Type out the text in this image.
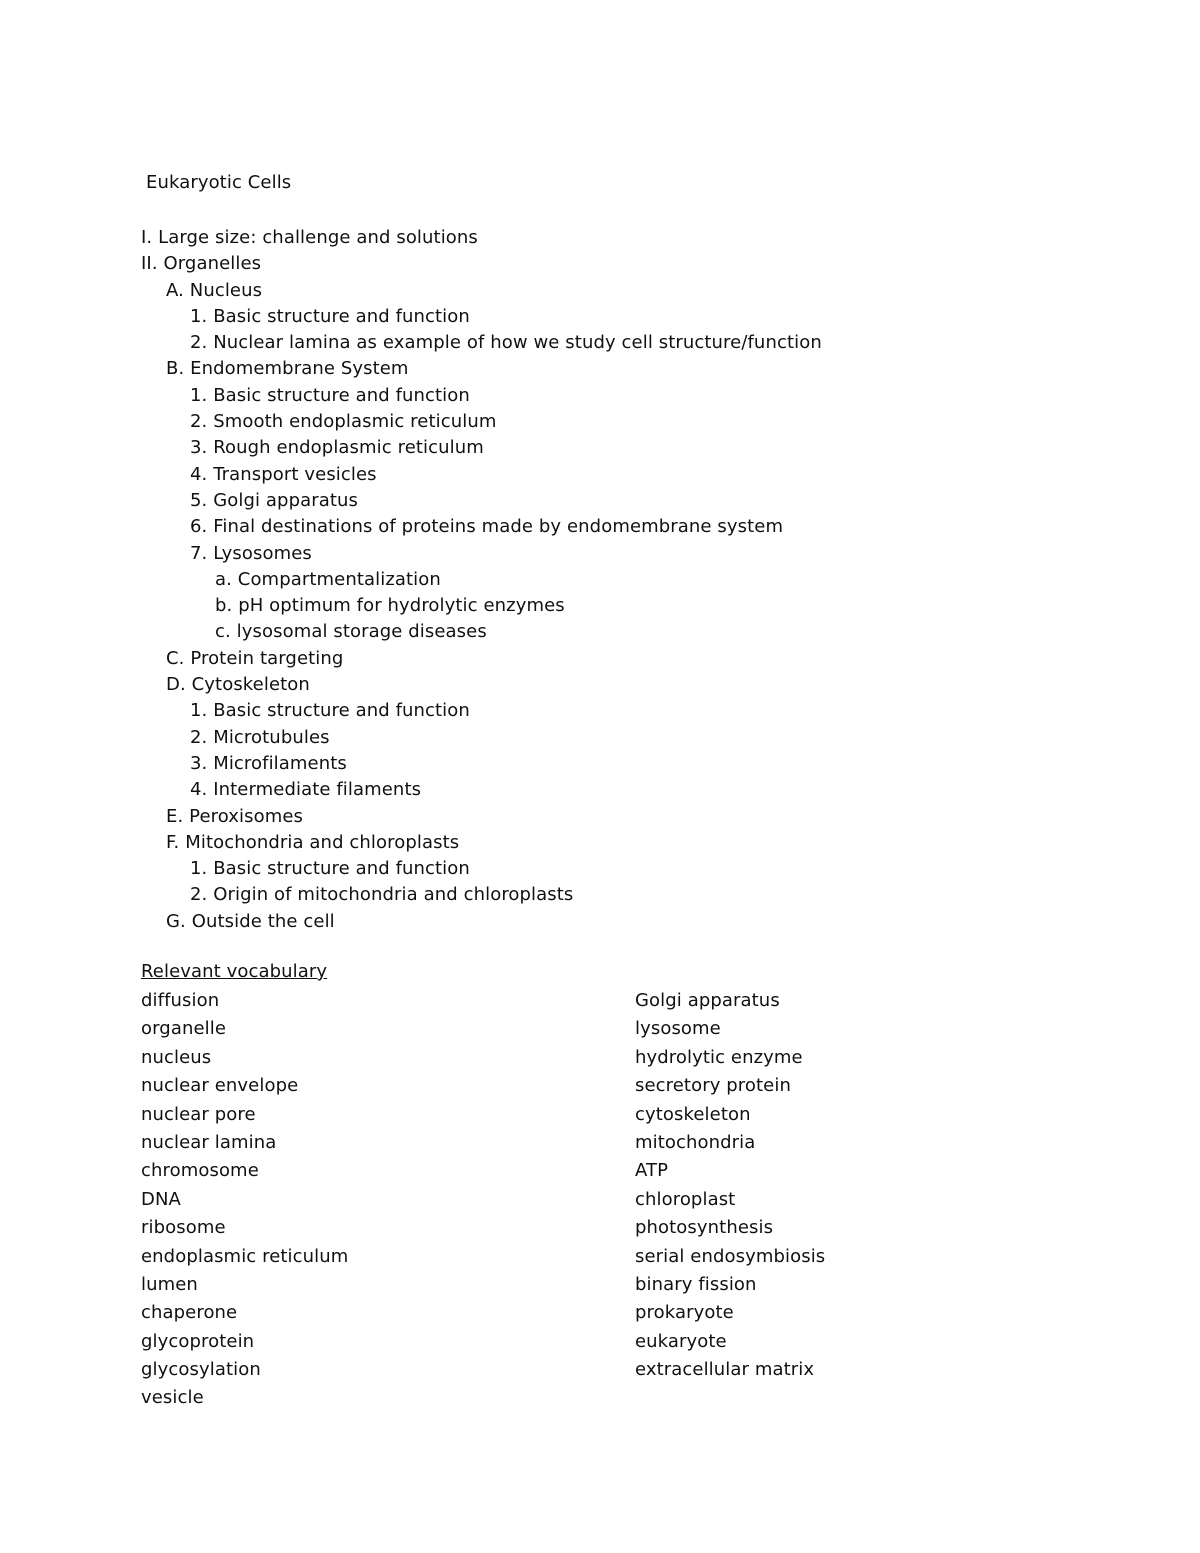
Eukaryotic Cells
I. Large size: challenge and solutions
II. Organelles
A. Nucleus
1. Basic structure and function
2. Nuclear lamina as example of how we study cell structure/function
B. Endomembrane System
1. Basic structure and function
2. Smooth endoplasmic reticulum
3. Rough endoplasmic reticulum
4. Transport vesicles
5. Golgi apparatus
6. Final destinations of proteins made by endomembrane system
7. Lysosomes
a. Compartmentalization
b. pH optimum for hydrolytic enzymes
c. lysosomal storage diseases
C. Protein targeting
D. Cytoskeleton
1. Basic structure and function
2. Microtubules
3. Microfilaments
4. Intermediate filaments
E. Peroxisomes
F. Mitochondria and chloroplasts
1. Basic structure and function
2. Origin of mitochondria and chloroplasts
G. Outside the cell
Relevant vocabulary
diffusion
organelle
nucleus
nuclear envelope
nuclear pore
nuclear lamina
chromosome
DNA
ribosome
endoplasmic reticulum
lumen
chaperone
glycoprotein
glycosylation
vesicle
Golgi apparatus
lysosome
hydrolytic enzyme
secretory protein
cytoskeleton
mitochondria
ATP
chloroplast
photosynthesis
serial endosymbiosis
binary fission
prokaryote
eukaryote
extracellular matrix
